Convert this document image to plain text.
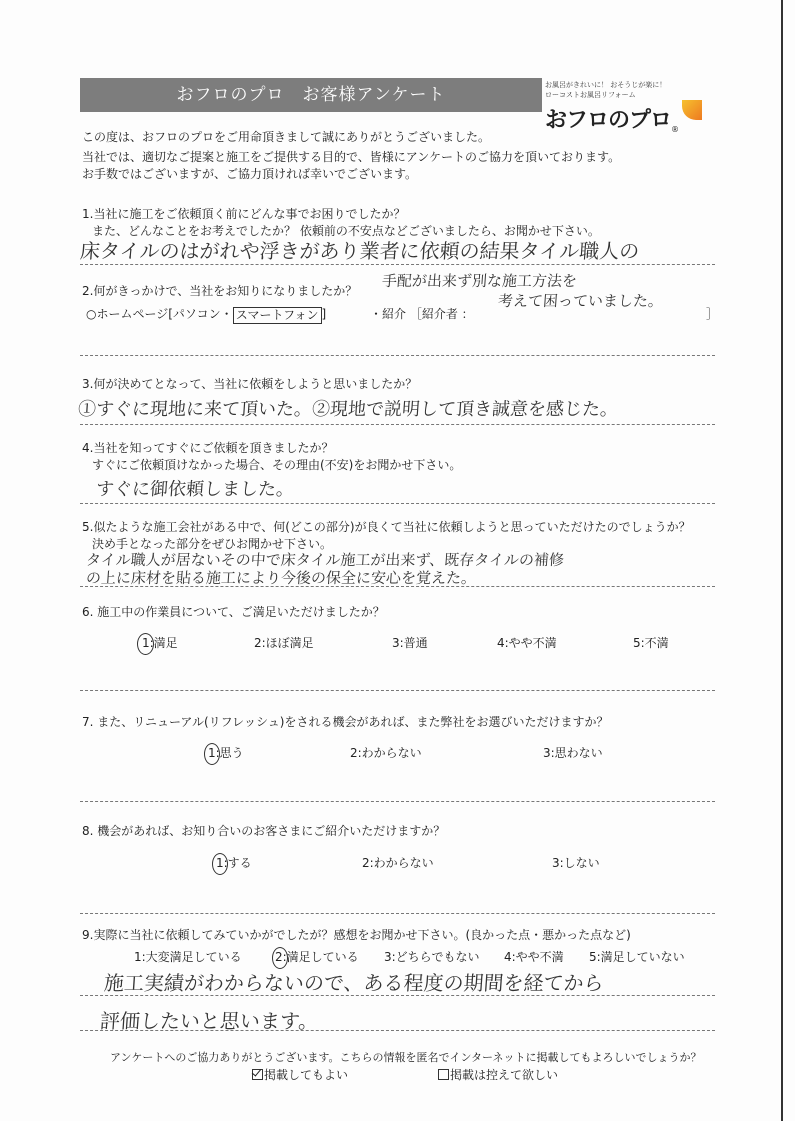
おフロのプロ　お客様アンケート	お風呂がきれいに！ おそうじが楽に！
ローコストお風呂リフォーム
おフロのプロ ®
この度は、おフロのプロをご用命頂きまして誠にありがとうございました。
当社では、適切なご提案と施工をご提供する目的で、皆様にアンケートのご協力を頂いております。
お手数ではございますが、ご協力頂ければ幸いでございます。
1.当社に施工をご依頼頂く前にどんな事でお困りでしたか？
また、どんなことをお考えでしたか？ 依頼前の不安点などございましたら、お聞かせ下さい。
床タイルのはがれや浮きがあり業者に依頼の結果タイル職人の
手配が出来ず別な施工方法を
考えて困っていました。
2.何がきっかけで、当社をお知りになりましたか？
○ホームページ[パソコン・ スマートフォン ]	・紹介 ［紹介者 ：	］
3.何が決めてとなって、当社に依頼をしようと思いましたか？
①すぐに現地に来て頂いた。②現地で説明して頂き誠意を感じた。
4.当社を知ってすぐにご依頼を頂きましたか？
すぐにご依頼頂けなかった場合、その理由(不安)をお聞かせ下さい。
すぐに御依頼しました。
5.似たような施工会社がある中で、何(どこの部分)が良くて当社に依頼しようと思っていただけたのでしょうか？
決め手となった部分をぜひお聞かせ下さい。
タイル職人が居ないその中で床タイル施工が出来ず、既存タイルの補修
の上に床材を貼る施工により今後の保全に安心を覚えた。
6. 施工中の作業員について、ご満足いただけましたか？
1:満足	2:ほぼ満足	3:普通	4:やや不満	5:不満
7. また、リニューアル(リフレッシュ)をされる機会があれば、また弊社をお選びいただけますか？
1:思う	2:わからない	3:思わない
8. 機会があれば、お知り合いのお客さまにご紹介いただけますか？
1:する	2:わからない	3:しない
9.実際に当社に依頼してみていかがでしたが？感想をお聞かせ下さい。(良かった点・悪かった点など)
1:大変満足している	2:満足している 3:どちらでもない 4:やや不満 5:満足していない
施工実績がわからないので、ある程度の期間を経てから
評価したいと思います。
アンケートへのご協力ありがとうございます。こちらの情報を匿名でインターネットに掲載してもよろしいでしょうか？
掲載してもよい	掲載は控えて欲しい
